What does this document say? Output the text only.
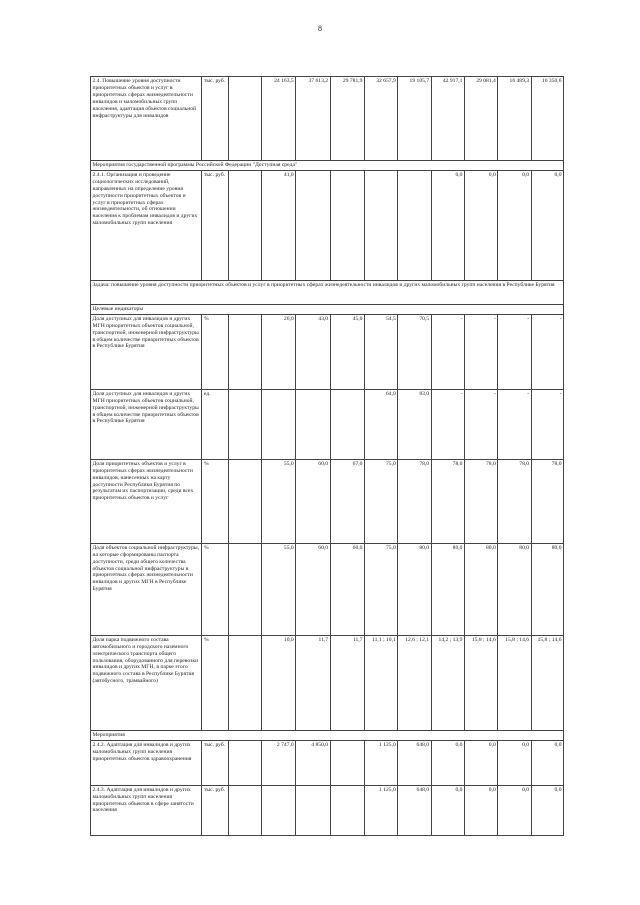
8
2.4. Повышение уровня доступности приоритетных объектов и услуг в приоритетных сферах жизнедеятельности инвалидов и маломобильных групп населения, адаптация объектов социальной инфраструктуры для инвалидов	тыс. руб.		24 163,5	37 613,2	29 781,9	32 657,9	19 105,7	42 917,1	29 081,4	16 489,3	16 350,6
Мероприятия государственной программы Российской Федерации "Доступная среда"											
2.4.1. Организация и проведение социологических исследований, направленных на определение уровня доступности приоритетных объектов и услуг в приоритетных сферах жизнедеятельности, об отношении населения к проблемам инвалидов и других маломобильных групп населения	тыс. руб.		41,0					0,0	0,0	0,0	0,0
Задача: повышение уровня доступности приоритетных объектов и услуг в приоритетных сферах жизнедеятельности инвалидов и других маломобильных групп населения в Республике Бурятия											
Целевые индикаторы											
Доля доступных для инвалидов и других МГН приоритетных объектов социальной, транспортной, инженерной инфраструктуры в общем количестве приоритетных объектов в Республике Бурятия	%		26,0	43,0	45,0	54,5	70,5	-	-	-	-
Доля доступных для инвалидов и других МГН приоритетных объектов социальной, транспортной, инженерной инфраструктуры в общем количестве приоритетных объектов в Республике Бурятия	ед.					64,0	83,0	-	-	-	-
Доля приоритетных объектов и услуг в приоритетных сферах жизнедеятельности инвалидов, нанесенных на карту доступности Республики Бурятия по результатам их паспортизации, среди всех приоритетных объектов и услуг	%		55,0	60,0	67,0	75,0	78,0	78,0	78,0	78,0	78,0
Доля объектов социальной инфраструктуры, на которые сформированы паспорта доступности, среди общего количества объектов социальной инфраструктуры в приоритетных сферах жизнедеятельности инвалидов и других МГН в Республике Бурятия	%		55,0	60,0	60,0	75,0	80,0	80,0	80,0	80,0	80,0
Доля парка подвижного состава автомобильного и городского наземного электрического транспорта общего пользования, оборудованного для перевозки инвалидов и других МГН, в парке этого подвижного состава в Республике Бурятия (автобусного, трамвайного)	%		10,0	11,7	11,7	11,1 ; 10,1	12,6 ; 12,1	14,2 ; 13,9	15,8 ; 14,6	15,8 ; 14,6	15,8 ; 14,6
Мероприятия											
2.4.2. Адаптация для инвалидов и других маломобильных групп населения приоритетных объектов здравоохранения	тыс. руб.		2 747,0	4 850,0		1 125,0	648,0	0,0	0,0	0,0	0,0
2.4.3. Адаптация для инвалидов и других маломобильных групп населения приоритетных объектов в сфере занятости населения	тыс. руб.					1 125,0	648,0	0,0	0,0	0,0	0,0
